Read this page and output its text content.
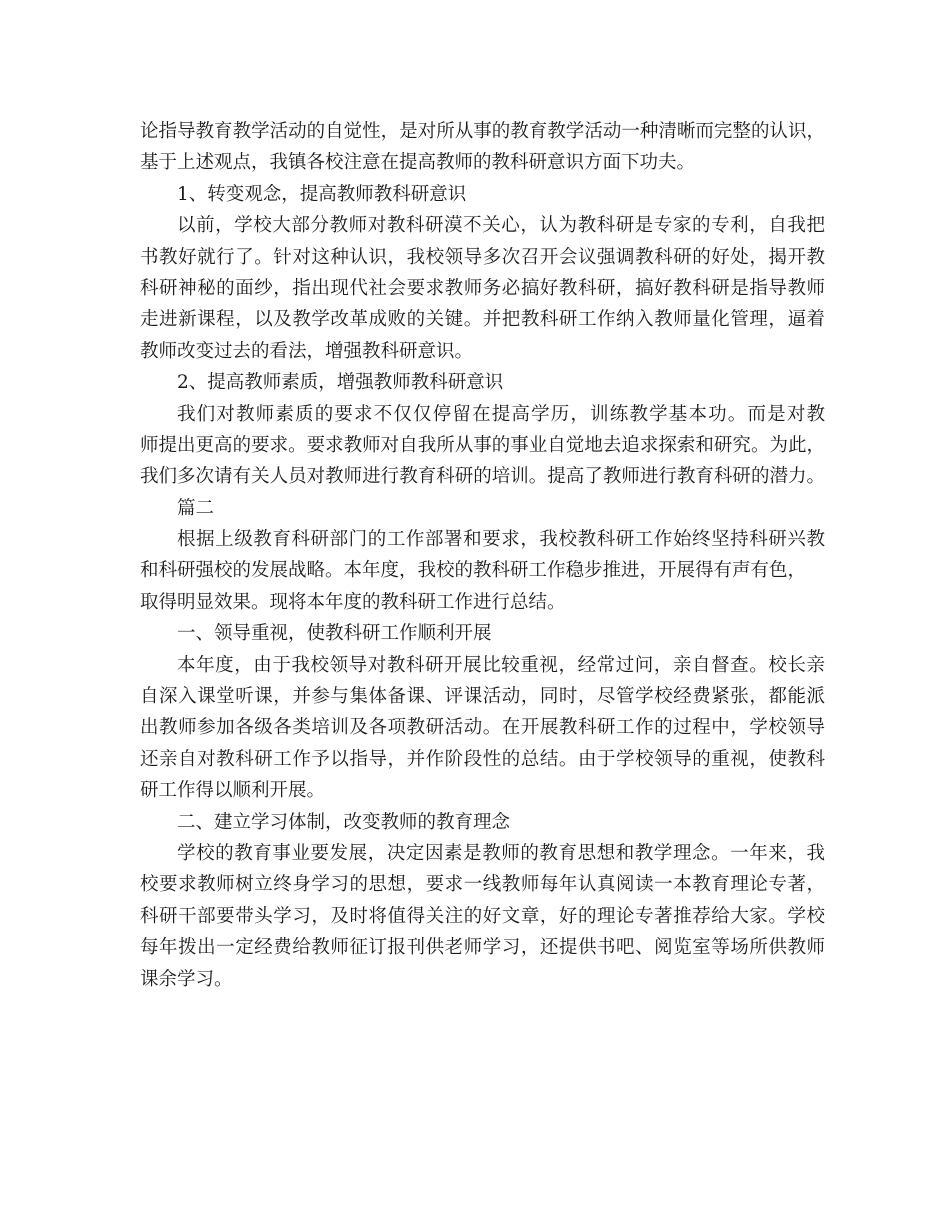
论指导教育教学活动的自觉性，是对所从事的教育教学活动一种清晰而完整的认识，
基于上述观点，我镇各校注意在提高教师的教科研意识方面下功夫。
1、转变观念，提高教师教科研意识
以前，学校大部分教师对教科研漠不关心，认为教科研是专家的专利，自我把
书教好就行了。针对这种认识，我校领导多次召开会议强调教科研的好处，揭开教
科研神秘的面纱，指出现代社会要求教师务必搞好教科研，搞好教科研是指导教师
走进新课程，以及教学改革成败的关键。并把教科研工作纳入教师量化管理，逼着
教师改变过去的看法，增强教科研意识。
2、提高教师素质，增强教师教科研意识
我们对教师素质的要求不仅仅停留在提高学历，训练教学基本功。而是对教
师提出更高的要求。要求教师对自我所从事的事业自觉地去追求探索和研究。为此，
我们多次请有关人员对教师进行教育科研的培训。提高了教师进行教育科研的潜力。
篇二
根据上级教育科研部门的工作部署和要求，我校教科研工作始终坚持科研兴教
和科研强校的发展战略。本年度，我校的教科研工作稳步推进，开展得有声有色，
取得明显效果。现将本年度的教科研工作进行总结。
一、领导重视，使教科研工作顺利开展
本年度，由于我校领导对教科研开展比较重视，经常过问，亲自督查。校长亲
自深入课堂听课，并参与集体备课、评课活动，同时，尽管学校经费紧张，都能派
出教师参加各级各类培训及各项教研活动。在开展教科研工作的过程中，学校领导
还亲自对教科研工作予以指导，并作阶段性的总结。由于学校领导的重视，使教科
研工作得以顺利开展。
二、建立学习体制，改变教师的教育理念
学校的教育事业要发展，决定因素是教师的教育思想和教学理念。一年来，我
校要求教师树立终身学习的思想，要求一线教师每年认真阅读一本教育理论专著，
科研干部要带头学习，及时将值得关注的好文章，好的理论专著推荐给大家。学校
每年拨出一定经费给教师征订报刊供老师学习，还提供书吧、阅览室等场所供教师
课余学习。
